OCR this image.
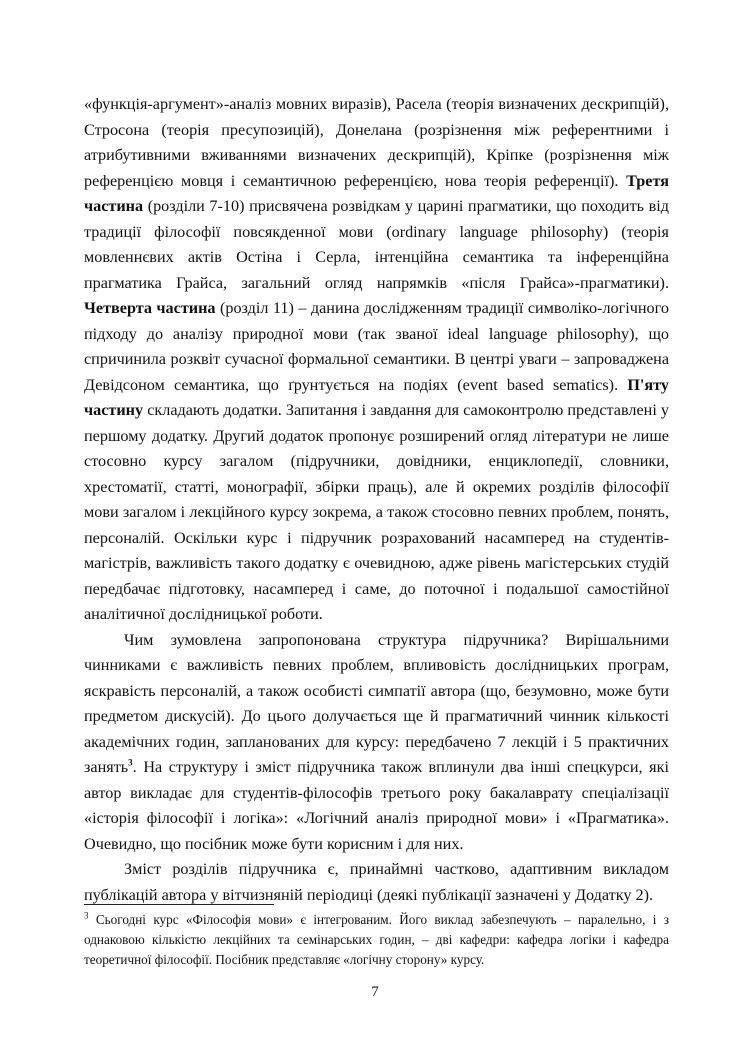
«функція-аргумент»-аналіз мовних виразів), Расела (теорія визначених дескрипцій), Строcона (теорія пресупозицій), Донелана (розрізнення між референтними і атрибутивними вживаннями визначених дескрипцій), Кріпке (розрізнення між референцією мовця і семантичною референцією, нова теорія референції). Третя частина (розділи 7-10) присвячена розвідкам у царині прагматики, що походить від традиції філософії повсякденної мови (ordinary language philosophy) (теорія мовленнєвих актів Остіна і Серла, інтенційна семантика та інференційна прагматика Грайса, загальний огляд напрямків «після Грайса»-прагматики). Четверта частина (розділ 11) – данина дослідженням традиції символіко-логічного підходу до аналізу природної мови (так званої ideal language philosophy), що спричинила розквіт сучасної формальної семантики. В центрі уваги – запроваджена Девідсоном семантика, що ґрунтується на подіях (event based sematics). П'яту частину складають додатки. Запитання і завдання для самоконтролю представлені у першому додатку. Другий додаток пропонує розширений огляд літератури не лише стосовно курсу загалом (підручники, довідники, енциклопедії, словники, хрестоматії, статті, монографії, збірки праць), але й окремих розділів філософії мови загалом і лекційного курсу зокрема, а також стосовно певних проблем, понять, персоналій. Оскільки курс і підручник розрахований насамперед на студентів-магістрів, важливість такого додатку є очевидною, адже рівень магістерських студій передбачає підготовку, насамперед і саме, до поточної і подальшої самостійної аналітичної дослідницької роботи.

Чим зумовлена запропонована структура підручника? Вирішальними чинниками є важливість певних проблем, впливовість дослідницьких програм, яскравість персоналій, а також особисті симпатії автора (що, безумовно, може бути предметом дискусій). До цього долучається ще й прагматичний чинник кількості академічних годин, запланованих для курсу: передбачено 7 лекцій і 5 практичних занять$^3$. На структуру і зміст підручника також вплинули два інші спецкурси, які автор викладає для студентів-філософів третього року бакалаврату спеціалізації «історія філософії і логіка»: «Логічний аналіз природної мови» і «Прагматика». Очевидно, що посібник може бути корисним і для них.

Зміст розділів підручника є, принаймні частково, адаптивним викладом публікацій автора у вітчизняній періодиці (деякі публікації зазначені у Додатку 2).

$^3$ Сьогодні курс «Філософія мови» є інтегрованим. Його виклад забезпечують – паралельно, і з однаковою кількістю лекційних та семінарських годин, – дві кафедри: кафедра логіки і кафедра теоретичної філософії. Посібник представляє «логічну сторону» курсу.

7
